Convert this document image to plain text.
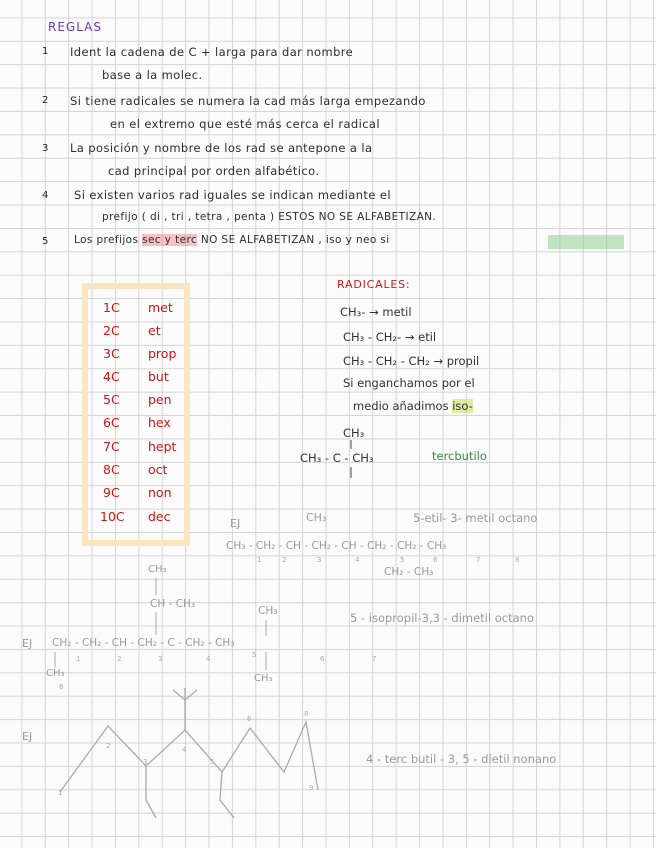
REGLAS
1 Ident la cadena de C + larga para dar nombre
base a la molec.
2 Si tiene radicales se numera la cad más larga empezando
en el extremo que esté más cerca el radical
3 La posición y nombre de los rad se antepone a la
cad principal por orden alfabético.
4 Si existen varios rad iguales se indican mediante el
prefijo ( di , tri , tetra , penta ) ESTOS NO SE ALFABETIZAN.
5 Los prefijos sec y terc NO SE ALFABETIZAN , iso y neo si
1C met
2C et
3C prop
4C but
5C pen
6C hex
7C hept
8C oct
9C non
10C dec
RADICALES:
CH₃- → metil
CH₃ - CH₂- → etil
CH₃ - CH₂ - CH₂ → propil
Si enganchamos por el
medio añadimos iso-
CH₃
CH₃ - C - CH₃	tercbutilo
EJ	CH₃	5-etil- 3- metil octano
CH₃ - CH₂ - CH - CH₂ - CH - CH₂ - CH₂ - CH₃
1	2	3	4	5	6	7	8
CH₂ - CH₃
CH₃
CH - CH₃
CH₃	5 - isopropil-3,3 - dimetil octano
EJ CH₂ - CH₂ - CH - CH₂ - C - CH₂ - CH₃
1	2	3	4	5	6	7
CH₃
8
CH₃
EJ
4 - terc butil - 3, 5 - dietil nonano
1
2
3
4
5
6
8
9
